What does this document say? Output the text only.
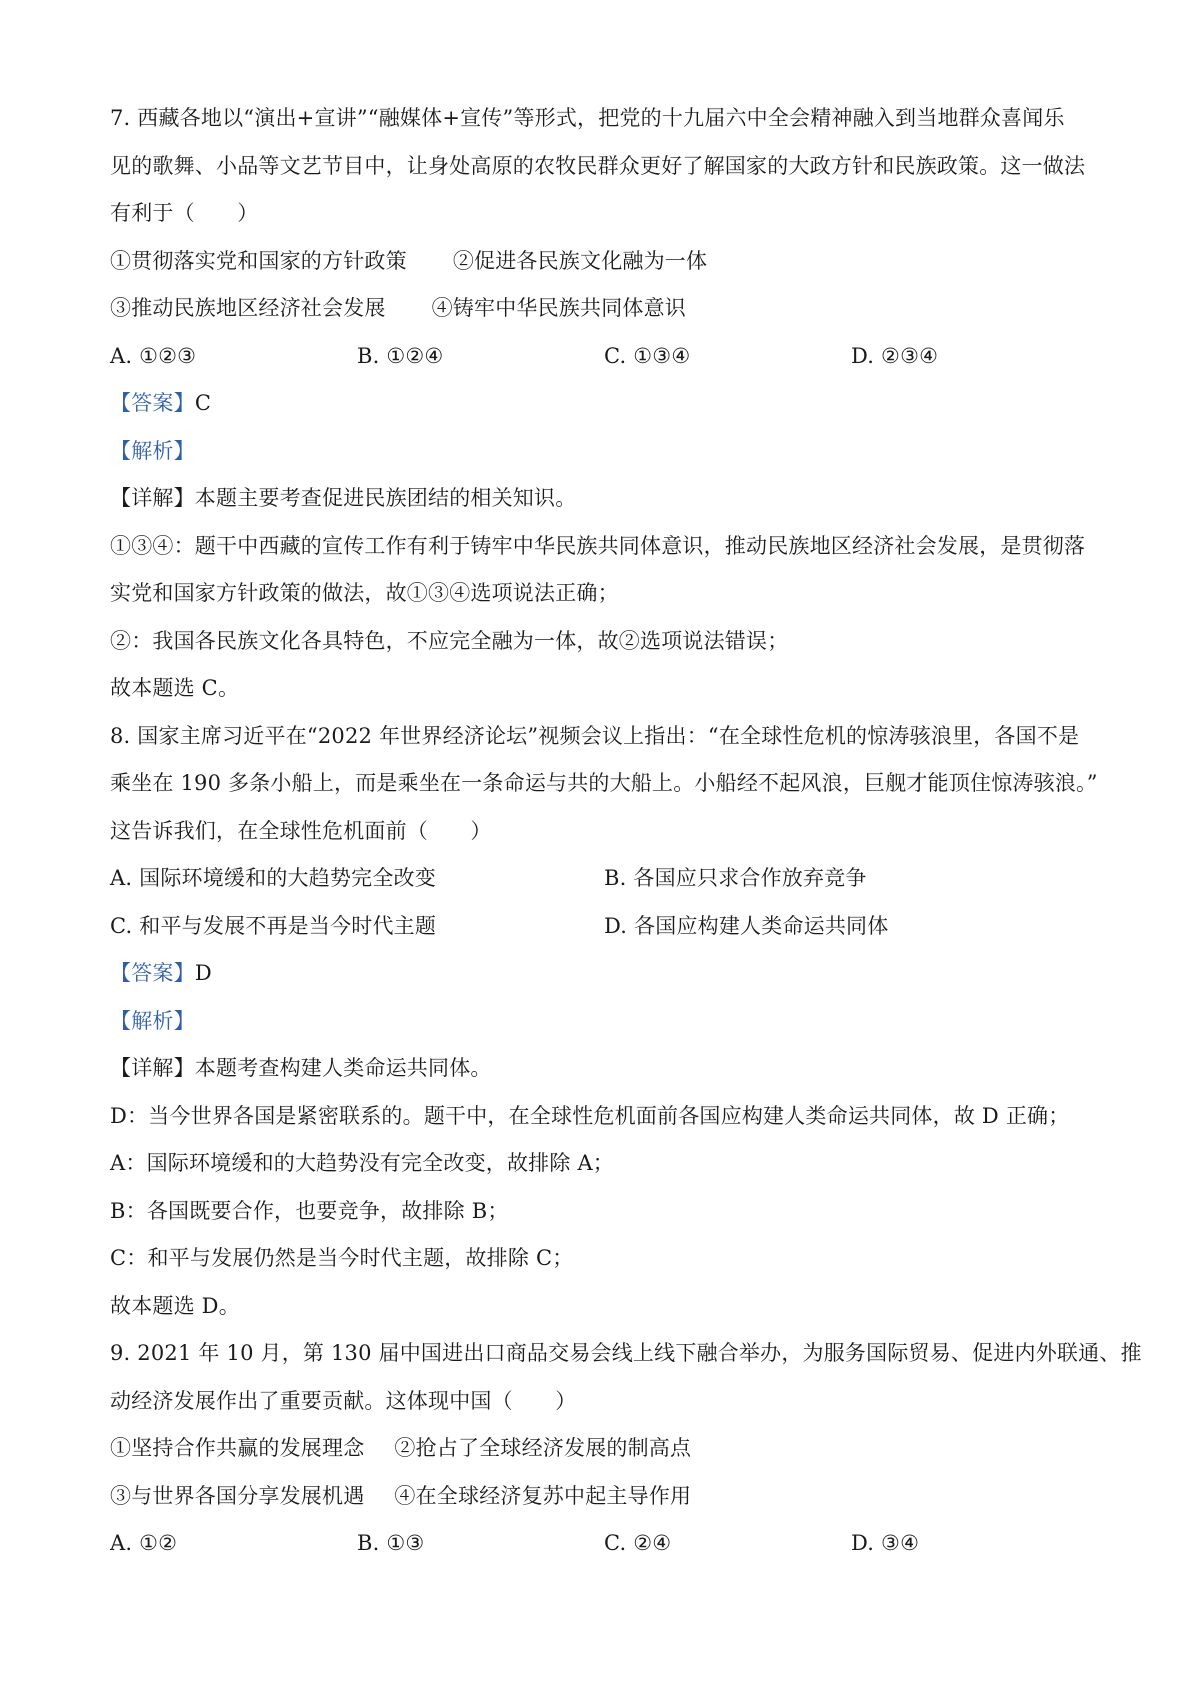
7. 西藏各地以“演出+宣讲”“融媒体+宣传”等形式，把党的十九届六中全会精神融入到当地群众喜闻乐
见的歌舞、小品等文艺节目中，让身处高原的农牧民群众更好了解国家的大政方针和民族政策。这一做法
有利于（　　）
①贯彻落实党和国家的方针政策 ②促进各民族文化融为一体
③推动民族地区经济社会发展 ④铸牢中华民族共同体意识
A. ①②③	B. ①②④	C. ①③④	D. ②③④
【答案】C
【解析】
【详解】本题主要考查促进民族团结的相关知识。
①③④：题干中西藏的宣传工作有利于铸牢中华民族共同体意识，推动民族地区经济社会发展，是贯彻落
实党和国家方针政策的做法，故①③④选项说法正确；
②：我国各民族文化各具特色，不应完全融为一体，故②选项说法错误；
故本题选 C。
8. 国家主席习近平在“2022 年世界经济论坛”视频会议上指出：“在全球性危机的惊涛骇浪里，各国不是
乘坐在 190 多条小船上，而是乘坐在一条命运与共的大船上。小船经不起风浪，巨舰才能顶住惊涛骇浪。”
这告诉我们，在全球性危机面前（　　）
A. 国际环境缓和的大趋势完全改变	B. 各国应只求合作放弃竞争
C. 和平与发展不再是当今时代主题	D. 各国应构建人类命运共同体
【答案】D
【解析】
【详解】本题考查构建人类命运共同体。
D：当今世界各国是紧密联系的。题干中，在全球性危机面前各国应构建人类命运共同体，故 D 正确；
A：国际环境缓和的大趋势没有完全改变，故排除 A；
B：各国既要合作，也要竞争，故排除 B；
C：和平与发展仍然是当今时代主题，故排除 C；
故本题选 D。
9. 2021 年 10 月，第 130 届中国进出口商品交易会线上线下融合举办，为服务国际贸易、促进内外联通、推
动经济发展作出了重要贡献。这体现中国（　　）
①坚持合作共赢的发展理念 ②抢占了全球经济发展的制高点
③与世界各国分享发展机遇 ④在全球经济复苏中起主导作用
A. ①②	B. ①③	C. ②④	D. ③④
